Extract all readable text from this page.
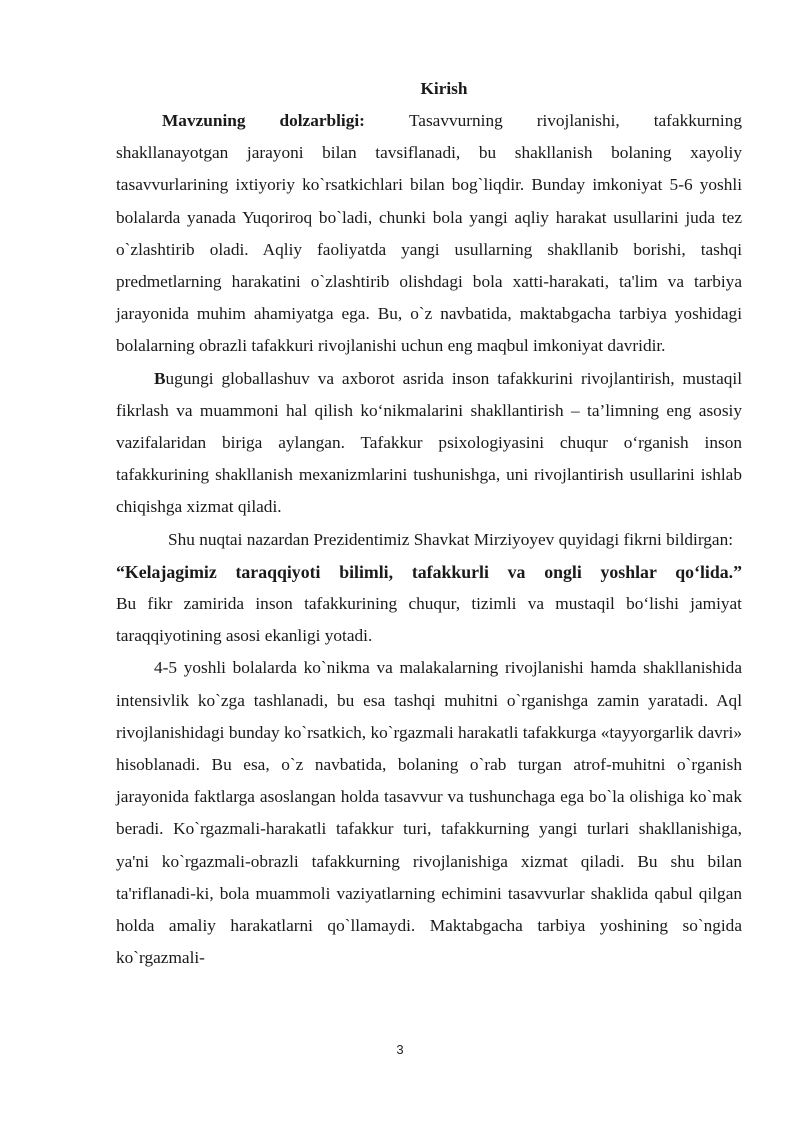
Kirish

Mavzuning dolzarbligi:	Tasavvurning rivojlanishi, tafakkurning shakllanayotgan jarayoni bilan tavsiflanadi, bu shakllanish bolaning xayoliy tasavvurlarining ixtiyoriy ko`rsatkichlari bilan bog`liqdir. Bunday imkoniyat 5-6 yoshli bolalarda yanada Yuqoriroq bo`ladi, chunki bola yangi aqliy harakat usullarini juda tez o`zlashtirib oladi. Aqliy faoliyatda yangi usullarning shakllanib borishi, tashqi predmetlarning harakatini o`zlashtirib olishdagi bola xatti-harakati, ta'lim va tarbiya jarayonida muhim ahamiyatga ega. Bu, o`z navbatida, maktabgacha tarbiya yoshidagi bolalarning obrazli tafakkuri rivojlanishi uchun eng maqbul imkoniyat davridir.

Bugungi globallashuv va axborot asrida inson tafakkurini rivojlantirish, mustaqil fikrlash va muammoni hal qilish ko‘nikmalarini shakllantirish – ta’limning eng asosiy vazifalaridan biriga aylangan. Tafakkur psixologiyasini chuqur o‘rganish inson tafakkurining shakllanish mexanizmlarini tushunishga, uni rivojlantirish usullarini ishlab chiqishga xizmat qiladi.

Shu nuqtai nazardan Prezidentimiz Shavkat Mirziyoyev quyidagi fikrni bildirgan:

“Kelajagimiz taraqqiyoti bilimli, tafakkurli va ongli yoshlar qo‘lida.”

Bu fikr zamirida inson tafakkurining chuqur, tizimli va mustaqil bo‘lishi jamiyat taraqqiyotining asosi ekanligi yotadi.

4-5 yoshli bolalarda ko`nikma va malakalarning rivojlanishi hamda shakllanishida intensivlik ko`zga tashlanadi, bu esa tashqi muhitni o`rganishga zamin yaratadi. Aql rivojlanishidagi bunday ko`rsatkich, ko`rgazmali harakatli tafakkurga «tayyorgarlik davri» hisoblanadi. Bu esa, o`z navbatida, bolaning o`rab turgan atrof-muhitni o`rganish jarayonida faktlarga asoslangan holda tasavvur va tushunchaga ega bo`la olishiga ko`mak beradi. Ko`rgazmali-harakatli tafakkur turi, tafakkurning yangi turlari shakllanishiga, ya'ni ko`rgazmali-obrazli tafakkurning rivojlanishiga xizmat qiladi. Bu shu bilan ta'riflanadi-ki, bola muammoli vaziyatlarning echimini tasavvurlar shaklida qabul qilgan holda amaliy harakatlarni qo`llamaydi. Maktabgacha tarbiya yoshining so`ngida ko`rgazmali-

3
